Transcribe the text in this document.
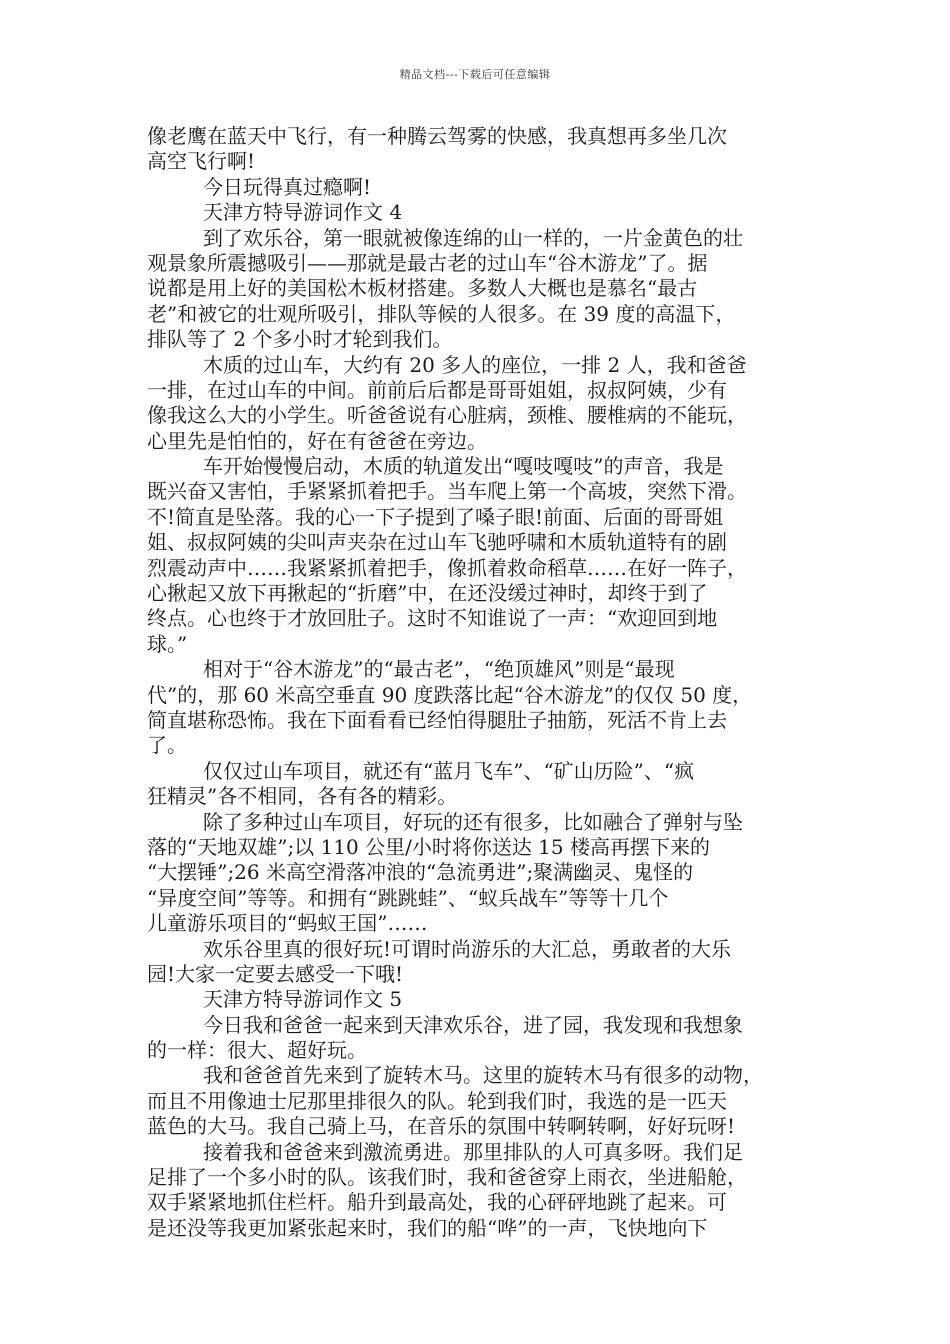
精品文档---下载后可任意编辑
像老鹰在蓝天中飞行，有一种腾云驾雾的快感，我真想再多坐几次
高空飞行啊!
今日玩得真过瘾啊!
天津方特导游词作文 4
到了欢乐谷，第一眼就被像连绵的山一样的，一片金黄色的壮
观景象所震撼吸引——那就是最古老的过山车“谷木游龙”了。据
说都是用上好的美国松木板材搭建。多数人大概也是慕名“最古
老”和被它的壮观所吸引，排队等候的人很多。在 39 度的高温下，
排队等了 2 个多小时才轮到我们。
木质的过山车，大约有 20 多人的座位，一排 2 人，我和爸爸
一排，在过山车的中间。前前后后都是哥哥姐姐，叔叔阿姨，少有
像我这么大的小学生。听爸爸说有心脏病，颈椎、腰椎病的不能玩，
心里先是怕怕的，好在有爸爸在旁边。
车开始慢慢启动，木质的轨道发出“嘎吱嘎吱”的声音，我是
既兴奋又害怕，手紧紧抓着把手。当车爬上第一个高坡，突然下滑。
不!简直是坠落。我的心一下子提到了嗓子眼!前面、后面的哥哥姐
姐、叔叔阿姨的尖叫声夹杂在过山车飞驰呼啸和木质轨道特有的剧
烈震动声中……我紧紧抓着把手，像抓着救命稻草……在好一阵子，
心揪起又放下再揪起的“折磨”中，在还没缓过神时，却终于到了
终点。心也终于才放回肚子。这时不知谁说了一声：“欢迎回到地
球。”
相对于“谷木游龙”的“最古老”，“绝顶雄风”则是“最现
代”的，那 60 米高空垂直 90 度跌落比起“谷木游龙”的仅仅 50 度，
简直堪称恐怖。我在下面看看已经怕得腿肚子抽筋，死活不肯上去
了。
仅仅过山车项目，就还有“蓝月飞车”、“矿山历险”、“疯
狂精灵”各不相同，各有各的精彩。
除了多种过山车项目，好玩的还有很多，比如融合了弹射与坠
落的“天地双雄”;以 110 公里/小时将你送达 15 楼高再摆下来的
“大摆锤”;26 米高空滑落冲浪的“急流勇进”;聚满幽灵、鬼怪的
“异度空间”等等。和拥有“跳跳蛙”、“蚁兵战车”等等十几个
儿童游乐项目的“蚂蚁王国”……
欢乐谷里真的很好玩!可谓时尚游乐的大汇总，勇敢者的大乐
园!大家一定要去感受一下哦!
天津方特导游词作文 5
今日我和爸爸一起来到天津欢乐谷，进了园，我发现和我想象
的一样：很大、超好玩。
我和爸爸首先来到了旋转木马。这里的旋转木马有很多的动物，
而且不用像迪士尼那里排很久的队。轮到我们时，我选的是一匹天
蓝色的大马。我自己骑上马，在音乐的氛围中转啊转啊，好好玩呀!
接着我和爸爸来到激流勇进。那里排队的人可真多呀。我们足
足排了一个多小时的队。该我们时，我和爸爸穿上雨衣，坐进船舱，
双手紧紧地抓住栏杆。船升到最高处，我的心砰砰地跳了起来。可
是还没等我更加紧张起来时，我们的船“哗”的一声，飞快地向下
